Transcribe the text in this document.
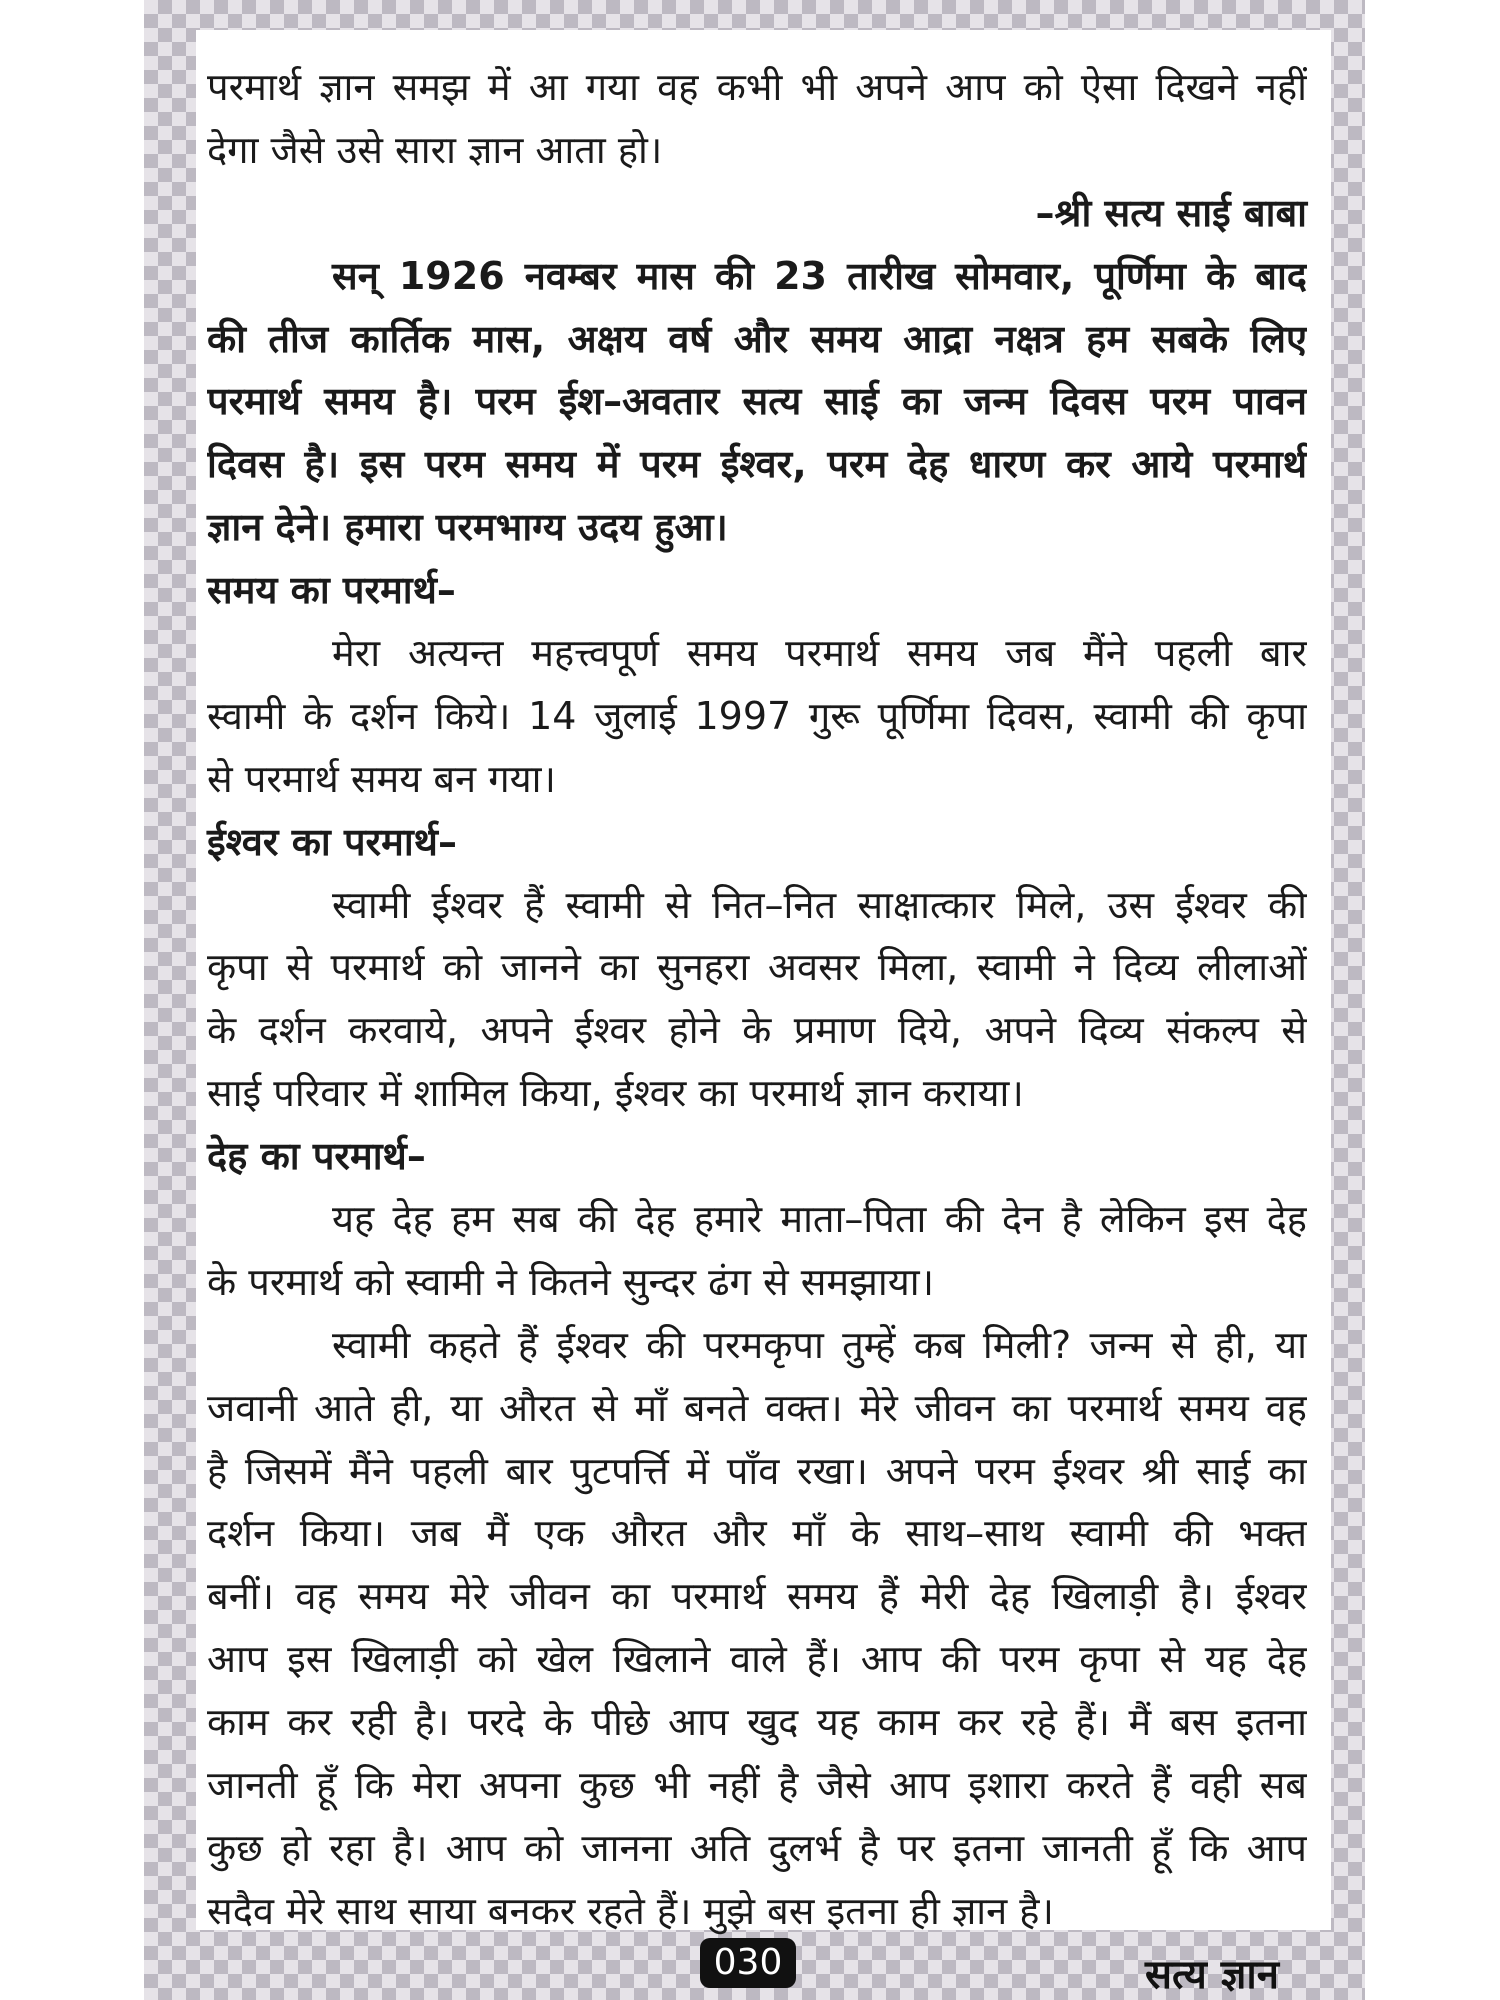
परमार्थ ज्ञान समझ में आ गया वह कभी भी अपने आप को ऐसा दिखने नहीं
देगा जैसे उसे सारा ज्ञान आता हो।
–श्री सत्य साई बाबा
सन् 1926 नवम्बर मास की 23 तारीख सोमवार, पूर्णिमा के बाद
की तीज कार्तिक मास, अक्षय वर्ष और समय आद्रा नक्षत्र हम सबके लिए
परमार्थ समय है। परम ईश–अवतार सत्य साई का जन्म दिवस परम पावन
दिवस है। इस परम समय में परम ईश्वर, परम देह धारण कर आये परमार्थ
ज्ञान देने। हमारा परमभाग्य उदय हुआ।
समय का परमार्थ–
मेरा अत्यन्त महत्त्वपूर्ण समय परमार्थ समय जब मैंने पहली बार
स्वामी के दर्शन किये। 14 जुलाई 1997 गुरू पूर्णिमा दिवस, स्वामी की कृपा
से परमार्थ समय बन गया।
ईश्वर का परमार्थ–
स्वामी ईश्वर हैं स्वामी से नित–नित साक्षात्कार मिले, उस ईश्वर की
कृपा से परमार्थ को जानने का सुनहरा अवसर मिला, स्वामी ने दिव्य लीलाओं
के दर्शन करवाये, अपने ईश्वर होने के प्रमाण दिये, अपने दिव्य संकल्प से
साई परिवार में शामिल किया, ईश्वर का परमार्थ ज्ञान कराया।
देह का परमार्थ–
यह देह हम सब की देह हमारे माता–पिता की देन है लेकिन इस देह
के परमार्थ को स्वामी ने कितने सुन्दर ढंग से समझाया।
स्वामी कहते हैं ईश्वर की परमकृपा तुम्हें कब मिली? जन्म से ही, या
जवानी आते ही, या औरत से माँ बनते वक्त। मेरे जीवन का परमार्थ समय वह
है जिसमें मैंने पहली बार पुटपर्त्ति में पाँव रखा। अपने परम ईश्वर श्री साई का
दर्शन किया। जब मैं एक औरत और माँ के साथ–साथ स्वामी की भक्त
बनीं। वह समय मेरे जीवन का परमार्थ समय हैं मेरी देह खिलाड़ी है। ईश्वर
आप इस खिलाड़ी को खेल खिलाने वाले हैं। आप की परम कृपा से यह देह
काम कर रही है। परदे के पीछे आप खुद यह काम कर रहे हैं। मैं बस इतना
जानती हूँ कि मेरा अपना कुछ भी नहीं है जैसे आप इशारा करते हैं वही सब
कुछ हो रहा है। आप को जानना अति दुलर्भ है पर इतना जानती हूँ कि आप
सदैव मेरे साथ साया बनकर रहते हैं। मुझे बस इतना ही ज्ञान है।
030	सत्य ज्ञान
